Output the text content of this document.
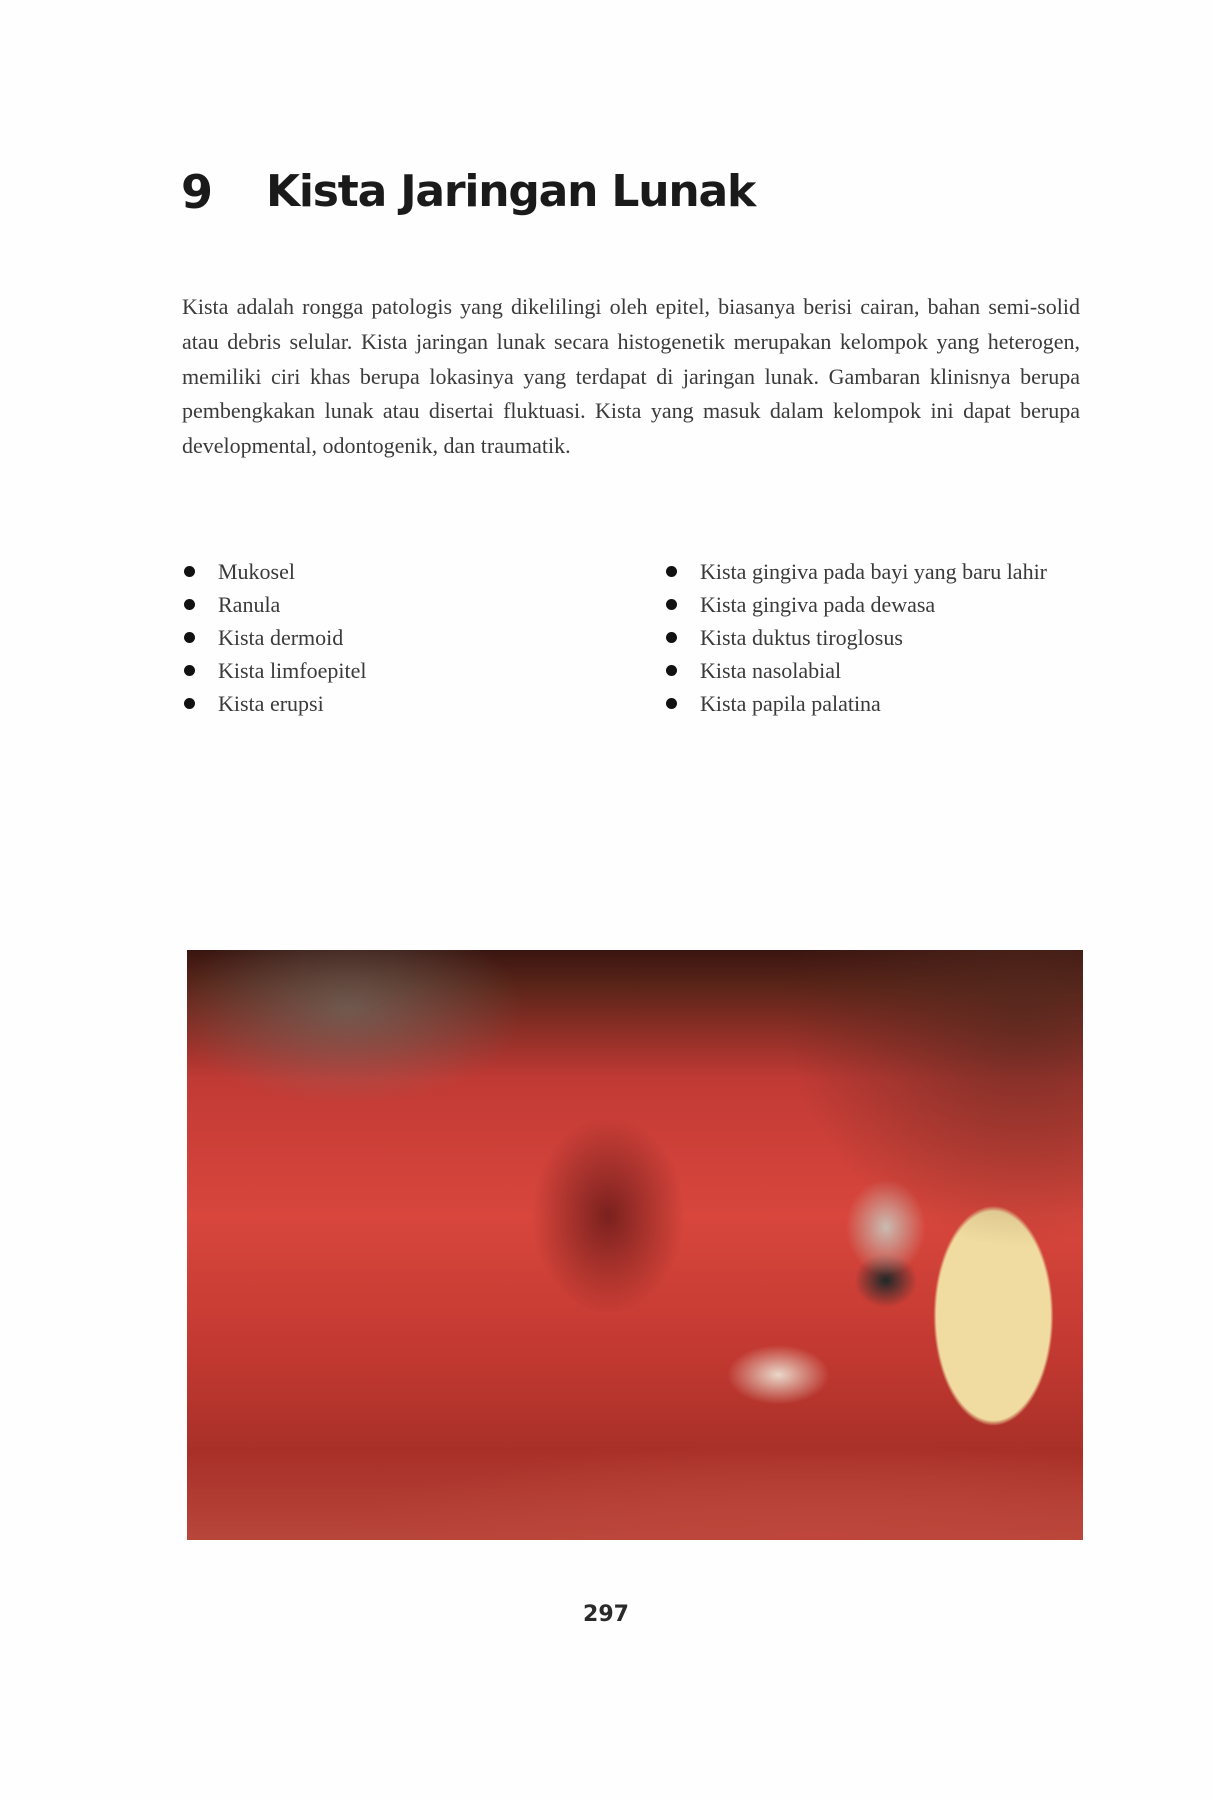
9 Kista Jaringan Lunak

Kista adalah rongga patologis yang dikelilingi oleh epitel, biasanya berisi cairan, bahan semi-solid atau debris selular. Kista jaringan lunak secara histogenetik merupakan kelompok yang heterogen, memiliki ciri khas berupa lokasinya yang terdapat di jaringan lunak. Gambaran klinisnya berupa pembengkakan lunak atau disertai fluktuasi. Kista yang masuk dalam kelompok ini dapat berupa developmental, odontogenik, dan traumatik.

Mukosel
Ranula
Kista dermoid
Kista limfoepitel
Kista erupsi
Kista gingiva pada bayi yang baru lahir
Kista gingiva pada dewasa
Kista duktus tiroglosus
Kista nasolabial
Kista papila palatina
297
